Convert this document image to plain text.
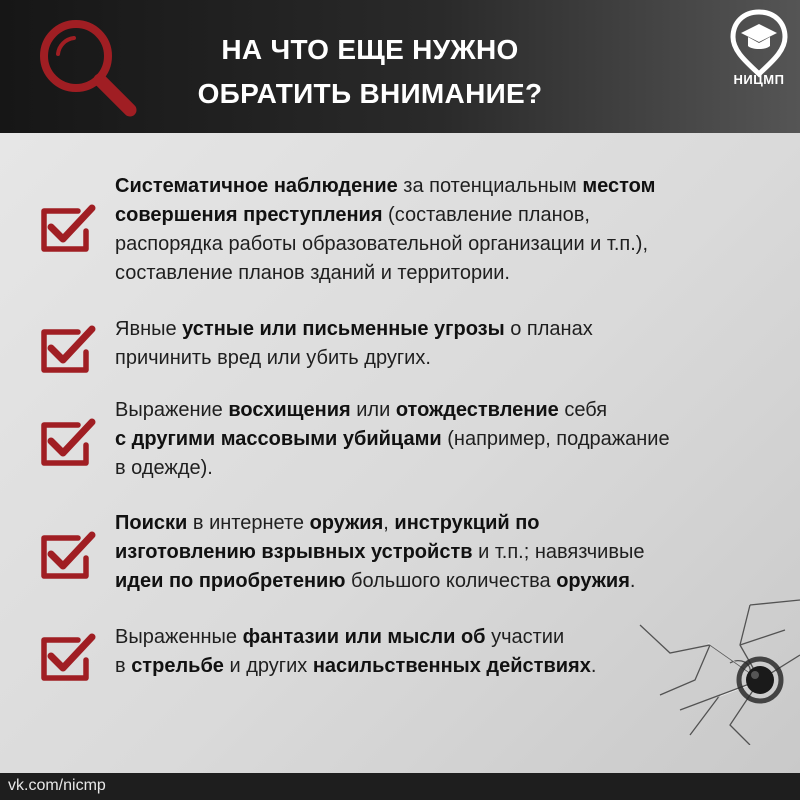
НА ЧТО ЕЩЕ НУЖНО
ОБРАТИТЬ ВНИМАНИЕ?	НИЦМП
Систематичное наблюдение за потенциальным местом
совершения преступления (составление планов,
распорядка работы образовательной организации и т.п.),
составление планов зданий и территории.
Явные устные или письменные угрозы о планах
причинить вред или убить других.
Выражение восхищения или отождествление себя
с другими массовыми убийцами (например, подражание
в одежде).
Поиски в интернете оружия, инструкций по
изготовлению взрывных устройств и т.п.; навязчивые
идеи по приобретению большого количества оружия.
Выраженные фантазии или мысли об участии
в стрельбе и других насильственных действиях.
vk.com/nicmp
